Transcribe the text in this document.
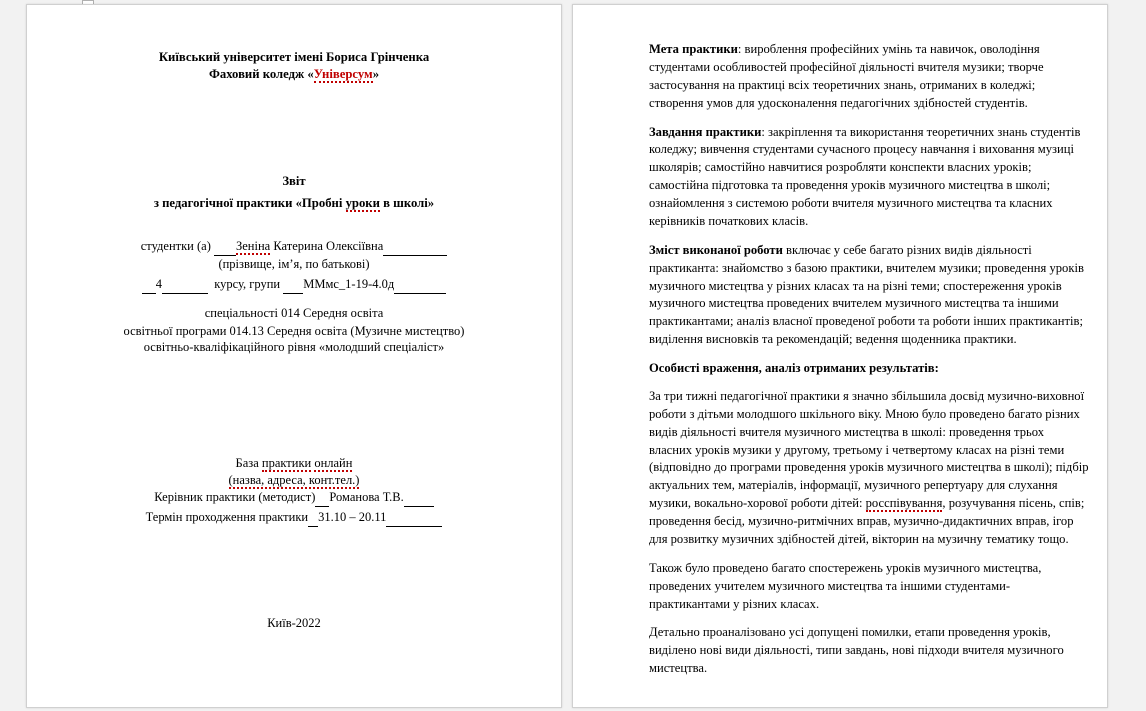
Київський університет імені Бориса Грінченка
Фаховий коледж «Універсум»
Звіт
з педагогічної практики «Пробні уроки в школі»
студентки (а) Зеніна Катерина Олексіївна
(прізвище, ім’я, по батькові)
4	курсу, групи ММмс_1-19-4.0д
спеціальності 014 Середня освіта
освітньої програми 014.13 Середня освіта (Музичне мистецтво)
освітньо-кваліфікаційного рівня «молодший спеціаліст»
База практики онлайн
(назва, адреса, конт.тел.)
Керівник практики (методист) Романова Т.В.
Термін проходження практики 31.10 – 20.11
Київ-2022

Мета практики: вироблення професійних умінь та навичок, оволодіння студентами особливостей професійної діяльності вчителя музики; творче застосування на практиці всіх теоретичних знань, отриманих в коледжі; створення умов для удосконалення педагогічних здібностей студентів.

Завдання практики: закріплення та використання теоретичних знань студентів коледжу; вивчення студентами сучасного процесу навчання і виховання музиці школярів; самостійно навчитися розробляти конспекти власних уроків; самостійна підготовка та проведення уроків музичного мистецтва в школі; ознайомлення з системою роботи вчителя музичного мистецтва та класних керівників початкових класів.

Зміст виконаної роботи включає у себе багато різних видів діяльності практиканта: знайомство з базою практики, вчителем музики; проведення уроків музичного мистецтва у різних класах та на різні теми; спостереження уроків музичного мистецтва проведених вчителем музичного мистецтва та іншими практикантами; аналіз власної проведеної роботи та роботи інших практикантів; виділення висновків та рекомендацій; ведення щоденника практики.

Особисті враження, аналіз отриманих результатів:

За три тижні педагогічної практики я значно збільшила досвід музично-виховної роботи з дітьми молодшого шкільного віку. Мною було проведено багато різних видів діяльності вчителя музичного мистецтва в школі: проведення трьох власних уроків музики у другому, третьому і четвертому класах на різні теми (відповідно до програми проведення уроків музичного мистецтва в школі); підбір актуальних тем, матеріалів, інформації, музичного репертуару для слухання музики, вокально-хорової роботи дітей: росспівування, розучування пісень, спів; проведення бесід, музично-ритмічних вправ, музично-дидактичних вправ, ігор для розвитку музичних здібностей дітей, вікторин на музичну тематику тощо.

Також було проведено багато спостережень уроків музичного мистецтва, проведених учителем музичного мистецтва та іншими студентами-практикантами у різних класах.

Детально проаналізовано усі допущені помилки, етапи проведення уроків, виділено нові види діяльності, типи завдань, нові підходи вчителя музичного мистецтва.
